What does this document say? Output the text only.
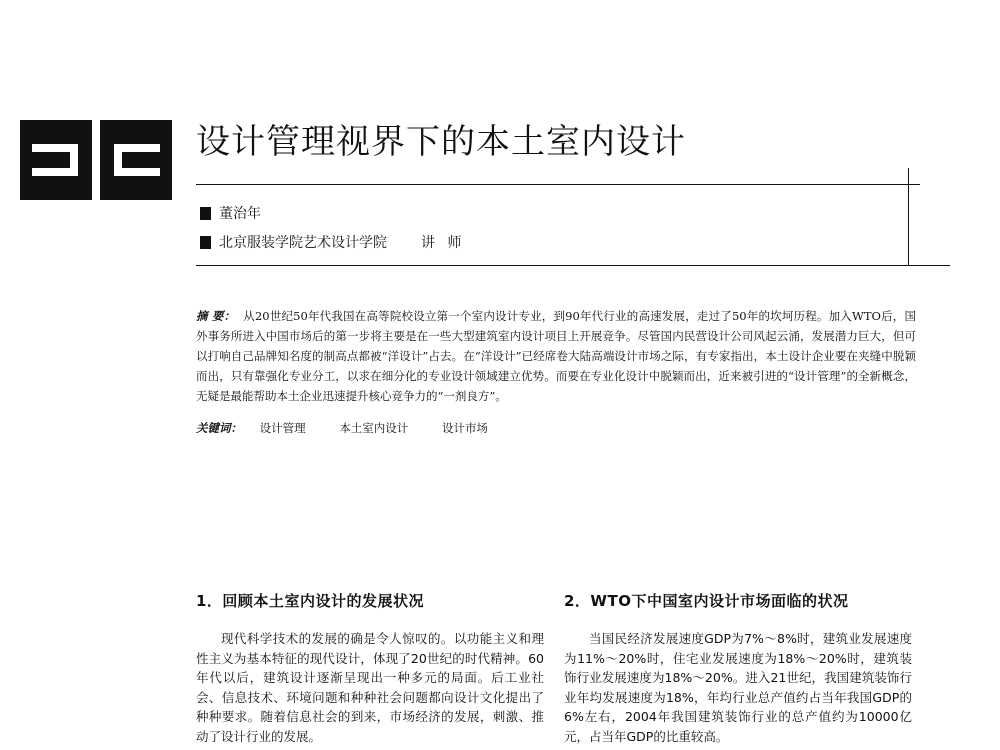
设计管理视界下的本土室内设计
董治年
北京服装学院艺术设计学院 讲 师
摘 要： 从20世纪50年代我国在高等院校设立第一个室内设计专业，到90年代行业的高速发展，走过了50年的坎坷历程。加入WTO后，国外事务所进入中国市场后的第一步将主要是在一些大型建筑室内设计项目上开展竞争。尽管国内民营设计公司风起云涌，发展潜力巨大，但可以打响自己品牌知名度的制高点都被“洋设计”占去。在“洋设计”已经席卷大陆高端设计市场之际，有专家指出，本土设计企业要在夹缝中脱颖而出，只有靠强化专业分工，以求在细分化的专业设计领域建立优势。而要在专业化设计中脱颖而出，近来被引进的“设计管理”的全新概念，无疑是最能帮助本土企业迅速提升核心竞争力的“一剂良方”。
关键词： 设计管理	本土室内设计	设计市场
1．回顾本土室内设计的发展状况

现代科学技术的发展的确是令人惊叹的。以功能主义和理性主义为基本特征的现代设计，体现了20世纪的时代精神。60年代以后，建筑设计逐渐呈现出一种多元的局面。后工业社会、信息技术、环境问题和种种社会问题都向设计文化提出了种种要求。随着信息社会的到来，市场经济的发展，刺激、推动了设计行业的发展。

2．WTO下中国室内设计市场面临的状况

当国民经济发展速度GDP为7%～8%时，建筑业发展速度为11%～20%时，住宅业发展速度为18%～20%时，建筑装饰行业发展速度为18%～20%。进入21世纪，我国建筑装饰行业年均发展速度为18%，年均行业总产值约占当年我国GDP的6%左右，2004年我国建筑装饰行业的总产值约为10000亿元，占当年GDP的比重较高。
